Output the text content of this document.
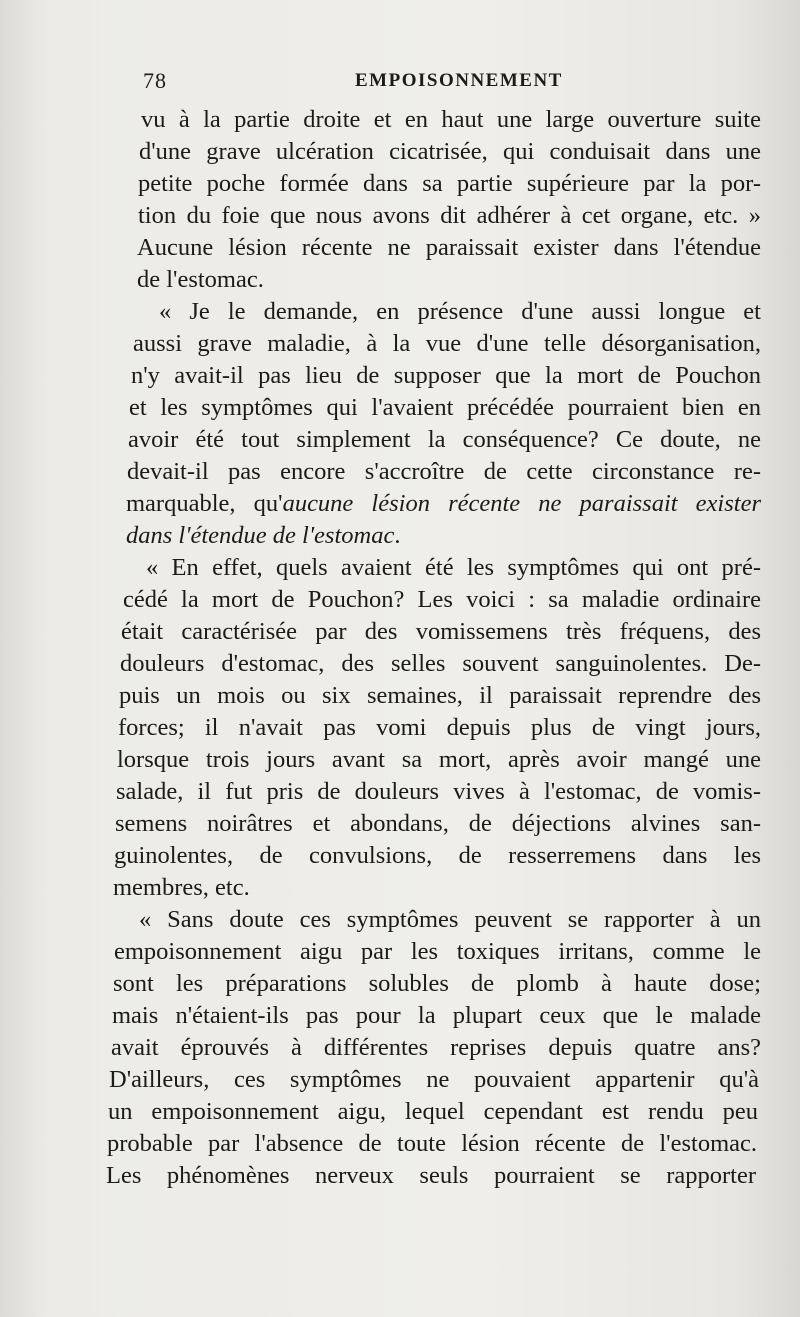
78	EMPOISONNEMENT
vu à la partie droite et en haut une large ouverture suite
d'une grave ulcération cicatrisée, qui conduisait dans une
petite poche formée dans sa partie supérieure par la por-
tion du foie que nous avons dit adhérer à cet organe, etc. »
Aucune lésion récente ne paraissait exister dans l'étendue
de l'estomac.
« Je le demande, en présence d'une aussi longue et
aussi grave maladie, à la vue d'une telle désorganisation,
n'y avait-il pas lieu de supposer que la mort de Pouchon
et les symptômes qui l'avaient précédée pourraient bien en
avoir été tout simplement la conséquence? Ce doute, ne
devait-il pas encore s'accroître de cette circonstance re-
marquable, qu'aucune lésion récente ne paraissait exister
dans l'étendue de l'estomac.
« En effet, quels avaient été les symptômes qui ont pré-
cédé la mort de Pouchon? Les voici : sa maladie ordinaire
était caractérisée par des vomissemens très fréquens, des
douleurs d'estomac, des selles souvent sanguinolentes. De-
puis un mois ou six semaines, il paraissait reprendre des
forces; il n'avait pas vomi depuis plus de vingt jours,
lorsque trois jours avant sa mort, après avoir mangé une
salade, il fut pris de douleurs vives à l'estomac, de vomis-
semens noirâtres et abondans, de déjections alvines san-
guinolentes, de convulsions, de resserremens dans les
membres, etc.
« Sans doute ces symptômes peuvent se rapporter à un
empoisonnement aigu par les toxiques irritans, comme le
sont les préparations solubles de plomb à haute dose;
mais n'étaient-ils pas pour la plupart ceux que le malade
avait éprouvés à différentes reprises depuis quatre ans?
D'ailleurs, ces symptômes ne pouvaient appartenir qu'à
un empoisonnement aigu, lequel cependant est rendu peu
probable par l'absence de toute lésion récente de l'estomac.
Les phénomènes nerveux seuls pourraient se rapporter
